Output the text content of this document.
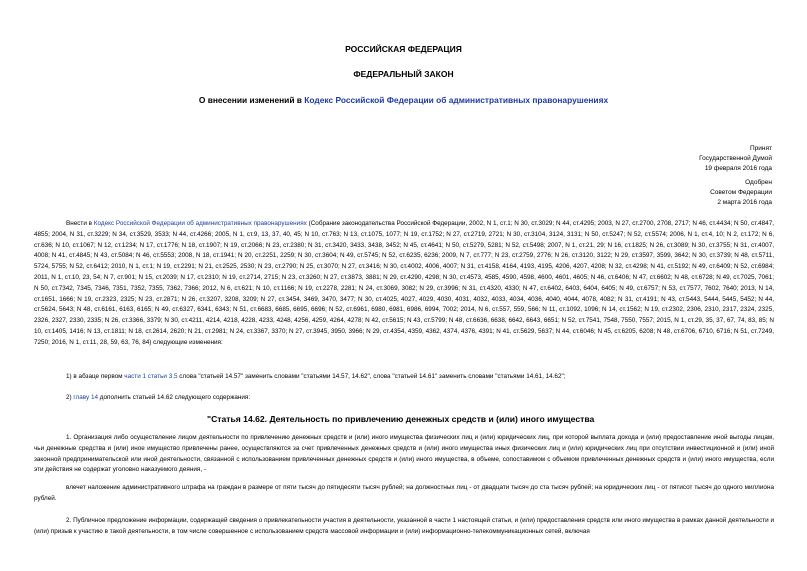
РОССИЙСКАЯ ФЕДЕРАЦИЯ
ФЕДЕРАЛЬНЫЙ ЗАКОН
О внесении изменений в Кодекс Российской Федерации об административных правонарушениях
Принят
Государственной Думой
19 февраля 2016 года
Одобрен
Советом Федерации
2 марта 2016 года
Внести в Кодекс Российской Федерации об административных правонарушениях (Собрание законодательства Российской Федерации, 2002, N 1, ст.1; N 30, ст.3029; N 44, ст.4295; 2003, N 27, ст.2700, 2708, 2717; N 46, ст.4434; N 50, ст.4847, 4855; 2004, N 31, ст.3229; N 34, ст.3529, 3533; N 44, ст.4266; 2005, N 1, ст.9, 13, 37, 40, 45; N 10, ст.763; N 13, ст.1075, 1077; N 19, ст.1752; N 27, ст.2719, 2721; N 30, ст.3104, 3124, 3131; N 50, ст.5247; N 52, ст.5574; 2006, N 1, ст.4, 10; N 2, ст.172; N 6, ст.636; N 10, ст.1067; N 12, ст.1234; N 17, ст.1776; N 18, ст.1907; N 19, ст.2066; N 23, ст.2380; N 31, ст.3420, 3433, 3438, 3452; N 45, ст.4641; N 50, ст.5279, 5281; N 52, ст.5498; 2007, N 1, ст.21, 29; N 16, ст.1825; N 26, ст.3089; N 30, ст.3755; N 31, ст.4007, 4008; N 41, ст.4845; N 43, ст.5084; N 46, ст.5553; 2008, N 18, ст.1941; N 20, ст.2251, 2259; N 30, ст.3604; N 49, ст.5745; N 52, ст.6235, 6236; 2009, N 7, ст.777; N 23, ст.2759, 2776; N 26, ст.3120, 3122; N 29, ст.3597, 3599, 3642; N 30, ст.3739; N 48, ст.5711, 5724, 5755; N 52, ст.6412; 2010, N 1, ст.1; N 19, ст.2291; N 21, ст.2525, 2530; N 23, ст.2790; N 25, ст.3070; N 27, ст.3416; N 30, ст.4002, 4006, 4007; N 31, ст.4158, 4164, 4193, 4195, 4206, 4207, 4208; N 32, ст.4298; N 41, ст.5192; N 49, ст.6409; N 52, ст.6984; 2011, N 1, ст.10, 23, 54; N 7, ст.901; N 15, ст.2039; N 17, ст.2310; N 19, ст.2714, 2715; N 23, ст.3260; N 27, ст.3873, 3881; N 29, ст.4290, 4298; N 30, ст.4573, 4585, 4590, 4598, 4600, 4601, 4605; N 46, ст.6406; N 47, ст.6602; N 48, ст.6728; N 49, ст.7025, 7061; N 50, ст.7342, 7345, 7346, 7351, 7352, 7355, 7362, 7366; 2012, N 6, ст.621; N 10, ст.1166; N 19, ст.2278, 2281; N 24, ст.3069, 3082; N 29, ст.3996; N 31, ст.4320, 4330; N 47, ст.6402, 6403, 6404, 6405; N 49, ст.6757; N 53, ст.7577, 7602, 7640; 2013, N 14, ст.1651, 1666; N 19, ст.2323, 2325; N 23, ст.2871; N 26, ст.3207, 3208, 3209; N 27, ст.3454, 3469, 3470, 3477; N 30, ст.4025, 4027, 4029, 4030, 4031, 4032, 4033, 4034, 4036, 4040, 4044, 4078, 4082; N 31, ст.4191; N 43, ст.5443, 5444, 5445, 5452; N 44, ст.5624, 5643; N 48, ст.6161, 6163, 6165; N 49, ст.6327, 6341, 6343; N 51, ст.6683, 6685, 6695, 6696; N 52, ст.6961, 6980, 6981, 6986, 6994, 7002; 2014, N 6, ст.557, 559, 566; N 11, ст.1092, 1096; N 14, ст.1562; N 19, ст.2302, 2306, 2310, 2317, 2324, 2325, 2326, 2327, 2330, 2335; N 26, ст.3366, 3379; N 30, ст.4211, 4214, 4218, 4228, 4233, 4248, 4256, 4259, 4264, 4278; N 42, ст.5615; N 43, ст.5799; N 48, ст.6636, 6638, 6642, 6643, 6651; N 52, ст.7541, 7548, 7550, 7557; 2015, N 1, ст.29, 35, 37, 67, 74, 83, 85; N 10, ст.1405, 1416; N 13, ст.1811; N 18, ст.2614, 2620; N 21, ст.2981; N 24, ст.3367, 3370; N 27, ст.3945, 3950, 3966; N 29, ст.4354, 4359, 4362, 4374, 4376, 4391; N 41, ст.5629, 5637; N 44, ст.6046; N 45, ст.6205, 6208; N 48, ст.6706, 6710, 6716; N 51, ст.7249, 7250; 2016, N 1, ст.11, 28, 59, 63, 76, 84) следующие изменения:
1) в абзаце первом части 1 статьи 3.5 слова "статьей 14.57" заменить словами "статьями 14.57, 14.62", слова "статьей 14.61" заменить словами "статьями 14.61, 14.62";
2) главу 14 дополнить статьей 14.62 следующего содержания:
"Статья 14.62. Деятельность по привлечению денежных средств и (или) иного имущества
1. Организация либо осуществление лицом деятельности по привлечению денежных средств и (или) иного имущества физических лиц и (или) юридических лиц, при которой выплата дохода и (или) предоставление иной выгоды лицам, чьи денежные средства и (или) иное имущество привлечены ранее, осуществляются за счет привлеченных денежных средств и (или) иного имущества иных физических лиц и (или) юридических лиц при отсутствии инвестиционной и (или) иной законной предпринимательской или иной деятельности, связанной с использованием привлеченных денежных средств и (или) иного имущества, в объеме, сопоставимом с объемом привлеченных денежных средств и (или) иного имущества, если эти действия не содержат уголовно наказуемого деяния, -
влечет наложение административного штрафа на граждан в размере от пяти тысяч до пятидесяти тысяч рублей; на должностных лиц - от двадцати тысяч до ста тысяч рублей; на юридических лиц - от пятисот тысяч до одного миллиона рублей.
2. Публичное предложение информации, содержащей сведения о привлекательности участия в деятельности, указанной в части 1 настоящей статьи, и (или) предоставления средств или иного имущества в рамках данной деятельности и (или) призыв к участию в такой деятельности, в том числе совершенное с использованием средств массовой информации и (или) информационно-телекоммуникационных сетей, включая
